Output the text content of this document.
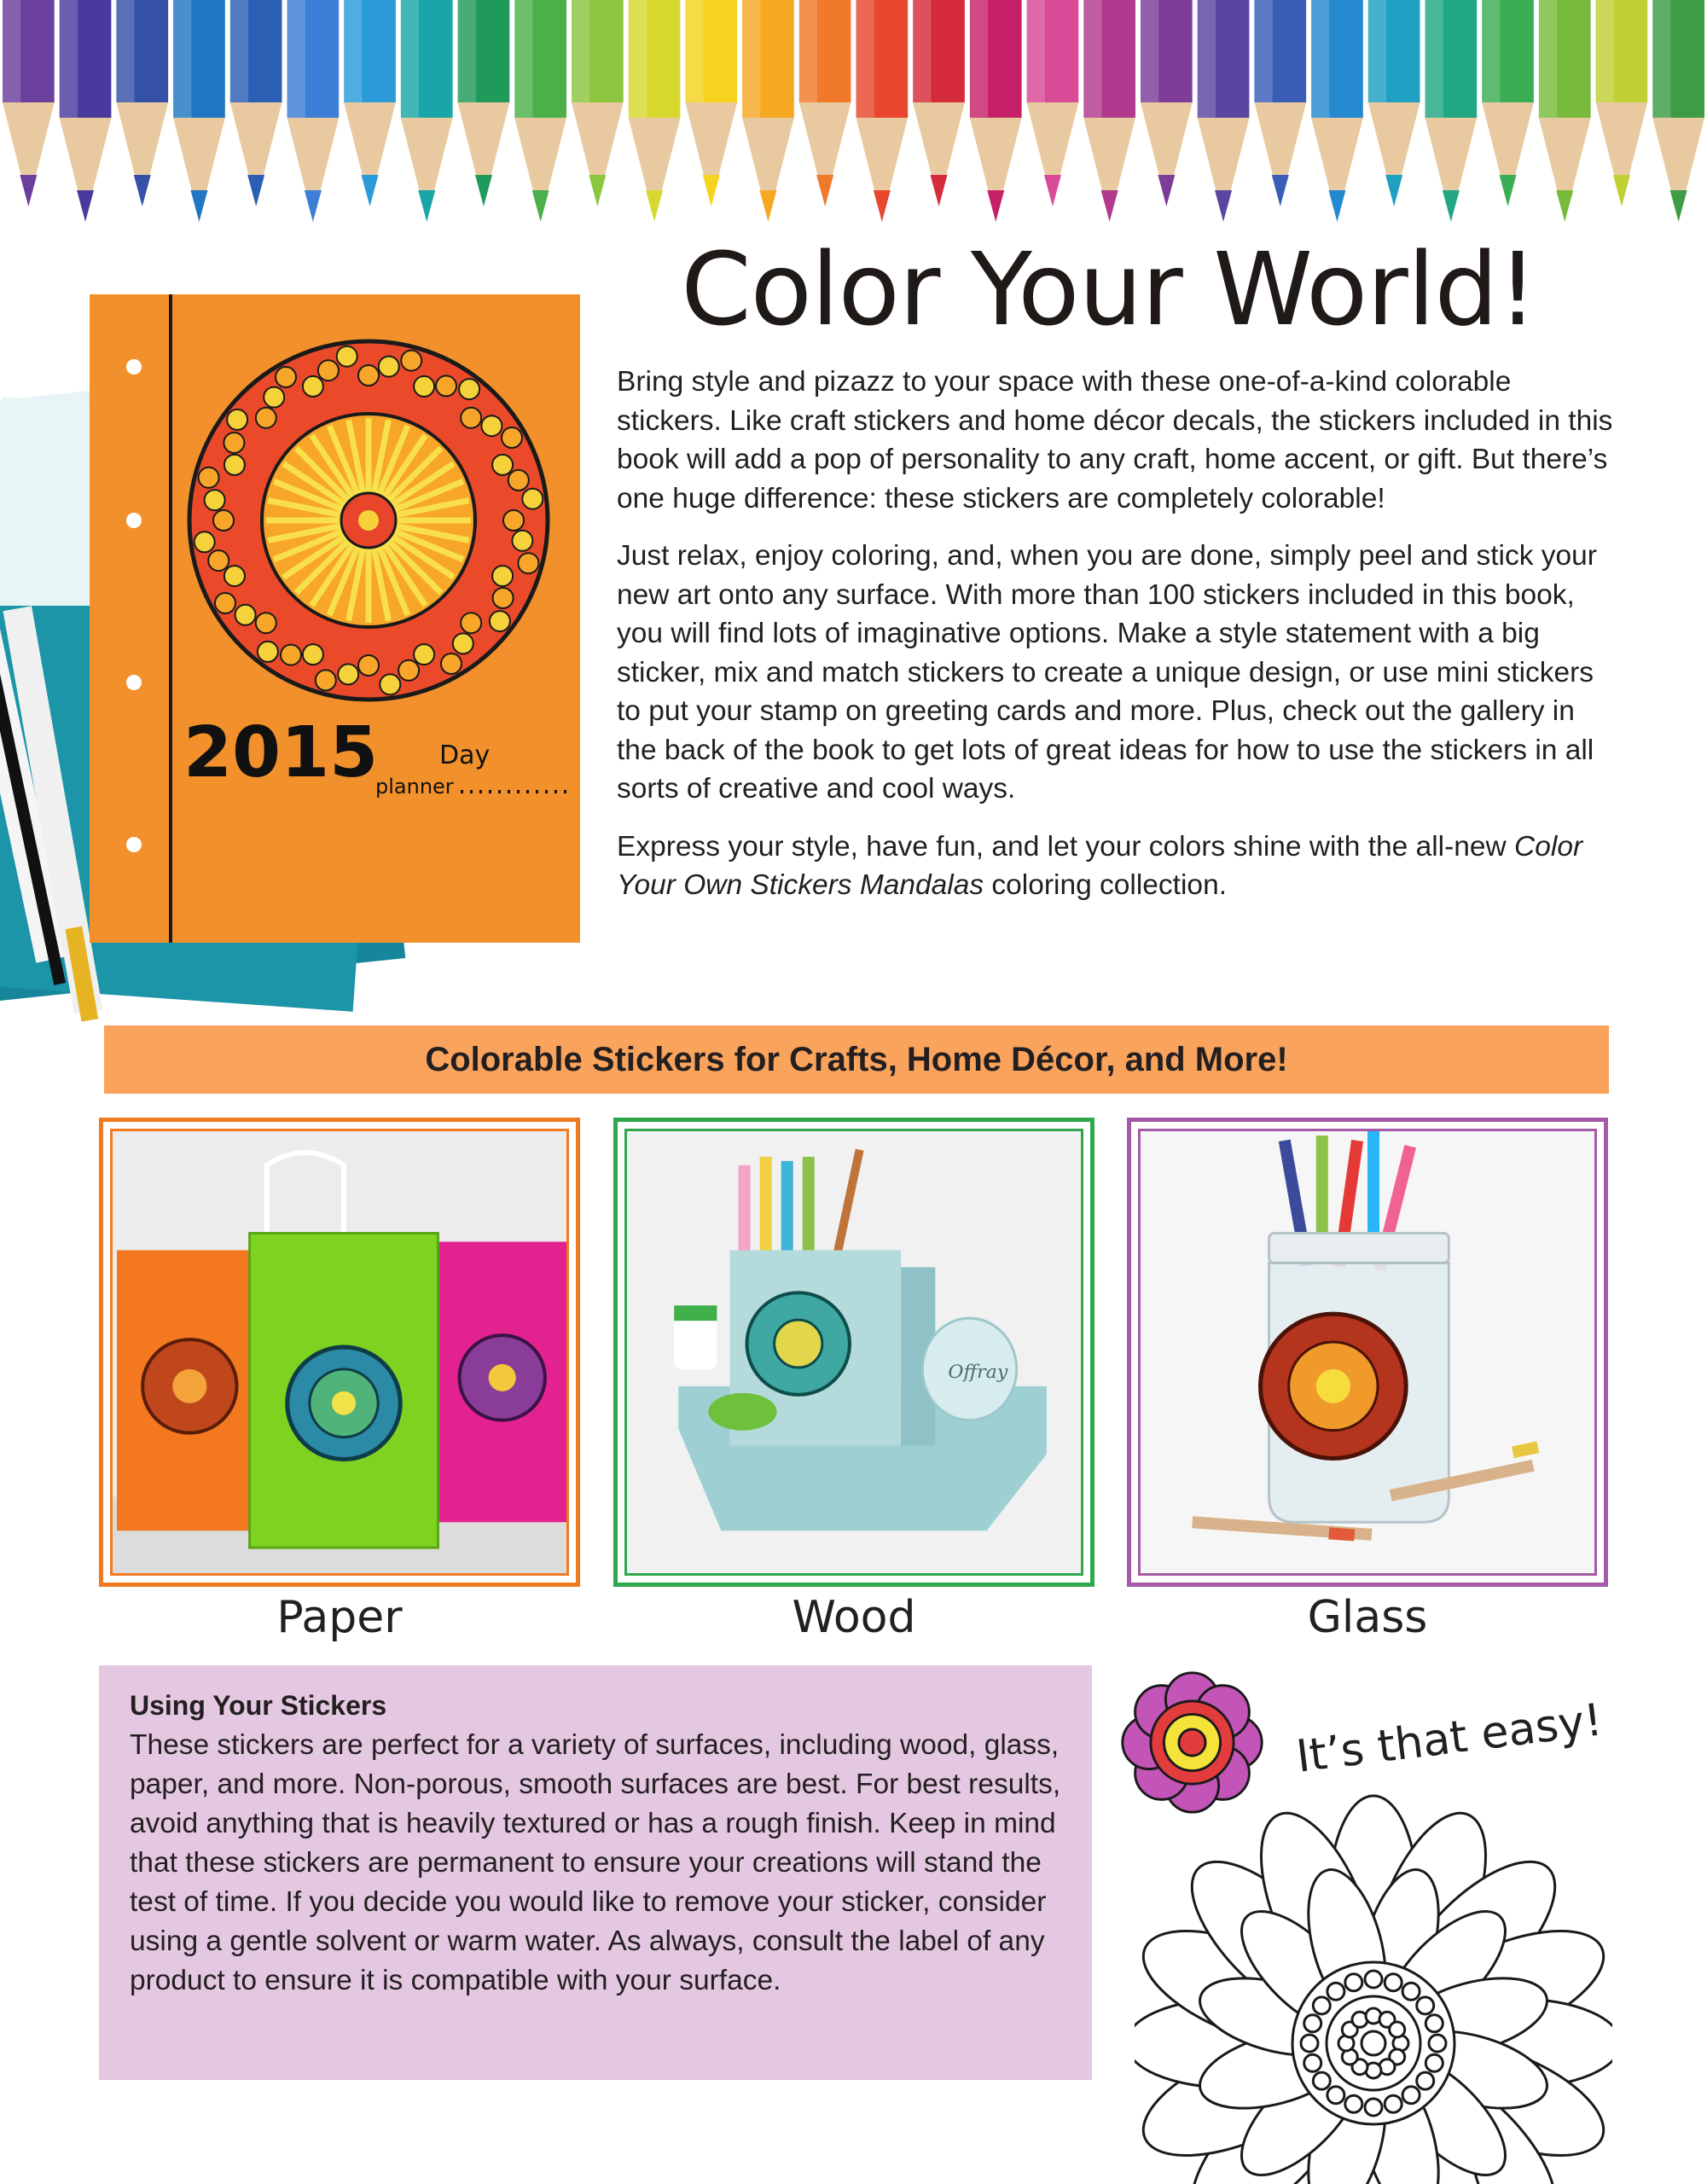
2015 Day
planner
Color Your World!

Bring style and pizazz to your space with these one-of-a-kind colorable stickers. Like craft stickers and home décor decals, the stickers included in this book will add a pop of personality to any craft, home accent, or gift. But there’s one huge difference: these stickers are completely colorable!

Just relax, enjoy coloring, and, when you are done, simply peel and stick your new art onto any surface. With more than 100 stickers included in this book, you will find lots of imaginative options. Make a style statement with a big sticker, mix and match stickers to create a unique design, or use mini stickers to put your stamp on greeting cards and more. Plus, check out the gallery in the back of the book to get lots of great ideas for how to use the stickers in all sorts of creative and cool ways.

Express your style, have fun, and let your colors shine with the all-new Color Your Own Stickers Mandalas coloring collection.

Colorable Stickers for Crafts, Home Décor, and More!
Offray
Paper	Wood	Glass
Using Your Stickers

These stickers are perfect for a variety of surfaces, including wood, glass, paper, and more. Non-porous, smooth surfaces are best. For best results, avoid anything that is heavily textured or has a rough finish. Keep in mind that these stickers are permanent to ensure your creations will stand the test of time. If you decide you would like to remove your sticker, consider using a gentle solvent or warm water. As always, consult the label of any product to ensure it is compatible with your surface.

It’s that easy!
